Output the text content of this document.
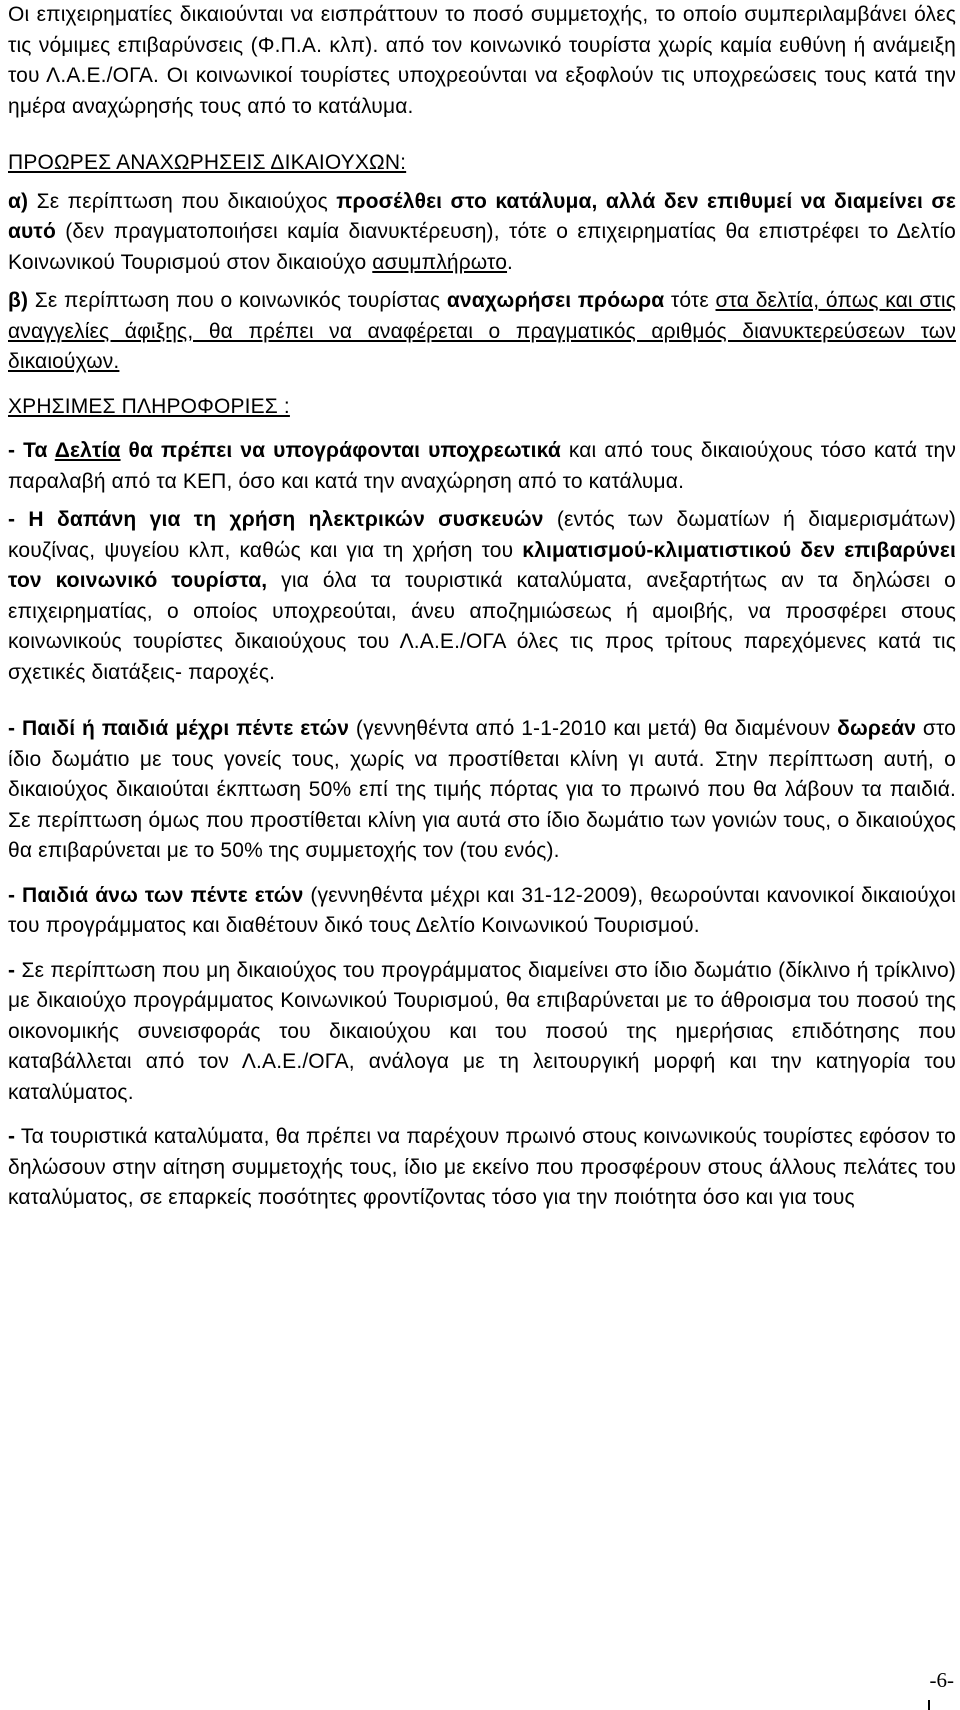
Οι επιχειρηματίες δικαιούνται να εισπράττουν το ποσό συμμετοχής, το οποίο συμπεριλαμβάνει όλες τις νόμιμες επιβαρύνσεις (Φ.Π.Α. κλπ). από τον κοινωνικό τουρίστα χωρίς καμία ευθύνη ή ανάμειξη του Λ.Α.Ε./ΟΓΑ. Οι κοινωνικοί τουρίστες υποχρεούνται να εξοφλούν τις υποχρεώσεις τους κατά την ημέρα αναχώρησής τους από το κατάλυμα.

ΠΡΟΩΡΕΣ ΑΝΑΧΩΡΗΣΕΙΣ ΔΙΚΑΙΟΥΧΩΝ:

α) Σε περίπτωση που δικαιούχος προσέλθει στο κατάλυμα, αλλά δεν επιθυμεί να διαμείνει σε αυτό (δεν πραγματοποιήσει καμία διανυκτέρευση), τότε ο επιχειρηματίας θα επιστρέφει το Δελτίο Κοινωνικού Τουρισμού στον δικαιούχο ασυμπλήρωτο.

β) Σε περίπτωση που ο κοινωνικός τουρίστας αναχωρήσει πρόωρα τότε στα δελτία, όπως και στις αναγγελίες άφιξης, θα πρέπει να αναφέρεται ο πραγματικός αριθμός διανυκτερεύσεων των δικαιούχων.

ΧΡΗΣΙΜΕΣ ΠΛΗΡΟΦΟΡΙΕΣ :

- Τα Δελτία θα πρέπει να υπογράφονται υποχρεωτικά και από τους δικαιούχους τόσο κατά την παραλαβή από τα ΚΕΠ, όσο και κατά την αναχώρηση από το κατάλυμα.

- Η δαπάνη για τη χρήση ηλεκτρικών συσκευών (εντός των δωματίων ή διαμερισμάτων) κουζίνας, ψυγείου κλπ, καθώς και για τη χρήση του κλιματισμού-κλιματιστικού δεν επιβαρύνει τον κοινωνικό τουρίστα, για όλα τα τουριστικά καταλύματα, ανεξαρτήτως αν τα δηλώσει ο επιχειρηματίας, ο οποίος υποχρεούται, άνευ αποζημιώσεως ή αμοιβής, να προσφέρει στους κοινωνικούς τουρίστες δικαιούχους του Λ.Α.Ε./ΟΓΑ όλες τις προς τρίτους παρεχόμενες κατά τις σχετικές διατάξεις- παροχές.

- Παιδί ή παιδιά μέχρι πέντε ετών (γεννηθέντα από 1-1-2010 και μετά) θα διαμένουν δωρεάν στο ίδιο δωμάτιο με τους γονείς τους, χωρίς να προστίθεται κλίνη γι αυτά. Στην περίπτωση αυτή, ο δικαιούχος δικαιούται έκπτωση 50% επί της τιμής πόρτας για το πρωινό που θα λάβουν τα παιδιά. Σε περίπτωση όμως που προστίθεται κλίνη για αυτά στο ίδιο δωμάτιο των γονιών τους, ο δικαιούχος θα επιβαρύνεται με το 50% της συμμετοχής τον (του ενός).

- Παιδιά άνω των πέντε ετών (γεννηθέντα μέχρι και 31-12-2009), θεωρούνται κανονικοί δικαιούχοι του προγράμματος και διαθέτουν δικό τους Δελτίο Κοινωνικού Τουρισμού.

- Σε περίπτωση που μη δικαιούχος του προγράμματος διαμείνει στο ίδιο δωμάτιο (δίκλινο ή τρίκλινο) με δικαιούχο προγράμματος Κοινωνικού Τουρισμού, θα επιβαρύνεται με το άθροισμα του ποσού της οικονομικής συνεισφοράς του δικαιούχου και του ποσού της ημερήσιας επιδότησης που καταβάλλεται από τον Λ.Α.Ε./ΟΓΑ, ανάλογα με τη λειτουργική μορφή και την κατηγορία του καταλύματος.

- Τα τουριστικά καταλύματα, θα πρέπει να παρέχουν πρωινό στους κοινωνικούς τουρίστες εφόσον το δηλώσουν στην αίτηση συμμετοχής τους, ίδιο με εκείνο που προσφέρουν στους άλλους πελάτες του καταλύματος, σε επαρκείς ποσότητες φροντίζοντας τόσο για την ποιότητα όσο και για τους

-6-
